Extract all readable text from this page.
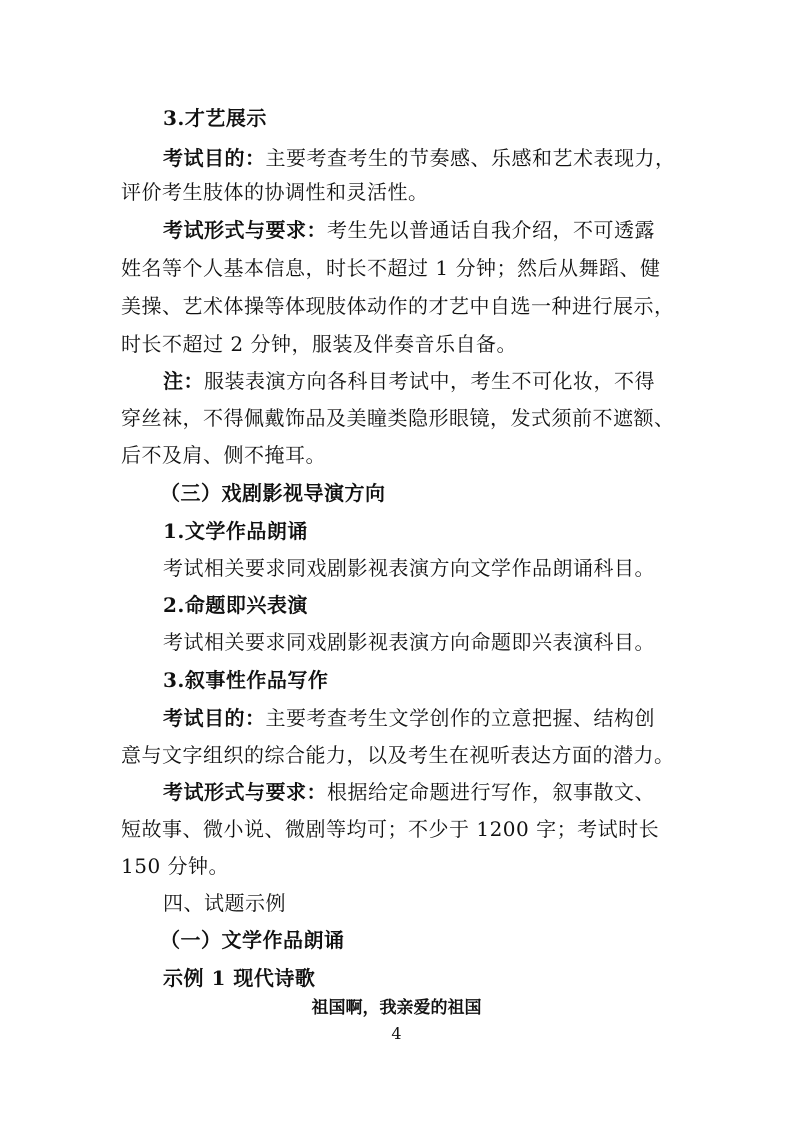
3.才艺展示
考试目的：主要考查考生的节奏感、乐感和艺术表现力，
评价考生肢体的协调性和灵活性。
考试形式与要求：考生先以普通话自我介绍，不可透露
姓名等个人基本信息，时长不超过 1 分钟；然后从舞蹈、健
美操、艺术体操等体现肢体动作的才艺中自选一种进行展示，
时长不超过 2 分钟，服装及伴奏音乐自备。
注：服装表演方向各科目考试中，考生不可化妆，不得
穿丝袜，不得佩戴饰品及美瞳类隐形眼镜，发式须前不遮额、
后不及肩、侧不掩耳。
（三）戏剧影视导演方向
1.文学作品朗诵
考试相关要求同戏剧影视表演方向文学作品朗诵科目。
2.命题即兴表演
考试相关要求同戏剧影视表演方向命题即兴表演科目。
3.叙事性作品写作
考试目的：主要考查考生文学创作的立意把握、结构创
意与文字组织的综合能力，以及考生在视听表达方面的潜力。
考试形式与要求：根据给定命题进行写作，叙事散文、
短故事、微小说、微剧等均可；不少于 1200 字；考试时长
150 分钟。
四、试题示例
（一）文学作品朗诵
示例 1 现代诗歌
祖国啊，我亲爱的祖国
4
